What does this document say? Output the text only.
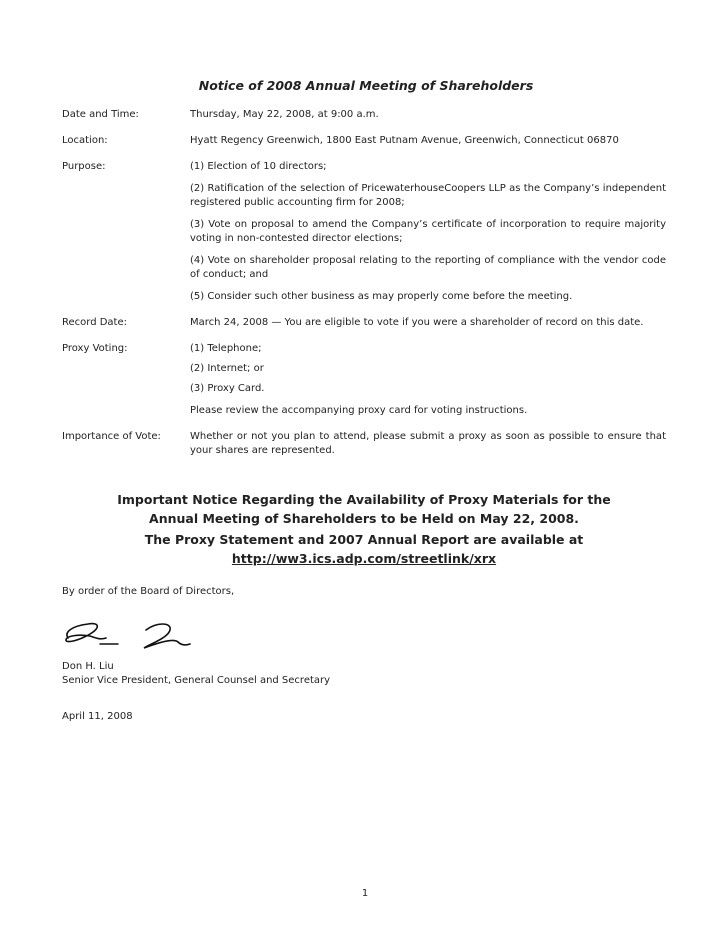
Notice of 2008 Annual Meeting of Shareholders
Date and Time:	Thursday, May 22, 2008, at 9:00 a.m.
Location:	Hyatt Regency Greenwich, 1800 East Putnam Avenue, Greenwich, Connecticut 06870
Purpose:	(1) Election of 10 directors;
(2) Ratification of the selection of PricewaterhouseCoopers LLP as the Company’s independent registered public accounting firm for 2008;
(3) Vote on proposal to amend the Company’s certificate of incorporation to require majority voting in non-contested director elections;
(4) Vote on shareholder proposal relating to the reporting of compliance with the vendor code of conduct; and
(5) Consider such other business as may properly come before the meeting.
Record Date:	March 24, 2008 — You are eligible to vote if you were a shareholder of record on this date.
Proxy Voting:	(1) Telephone;
(2) Internet; or
(3) Proxy Card.
Please review the accompanying proxy card for voting instructions.
Importance of Vote:	Whether or not you plan to attend, please submit a proxy as soon as possible to ensure that your shares are represented.
Important Notice Regarding the Availability of Proxy Materials for the
Annual Meeting of Shareholders to be Held on May 22, 2008.
The Proxy Statement and 2007 Annual Report are available at
http://ww3.ics.adp.com/streetlink/xrx
By order of the Board of Directors,
Don H. Liu
Senior Vice President, General Counsel and Secretary
April 11, 2008
1
